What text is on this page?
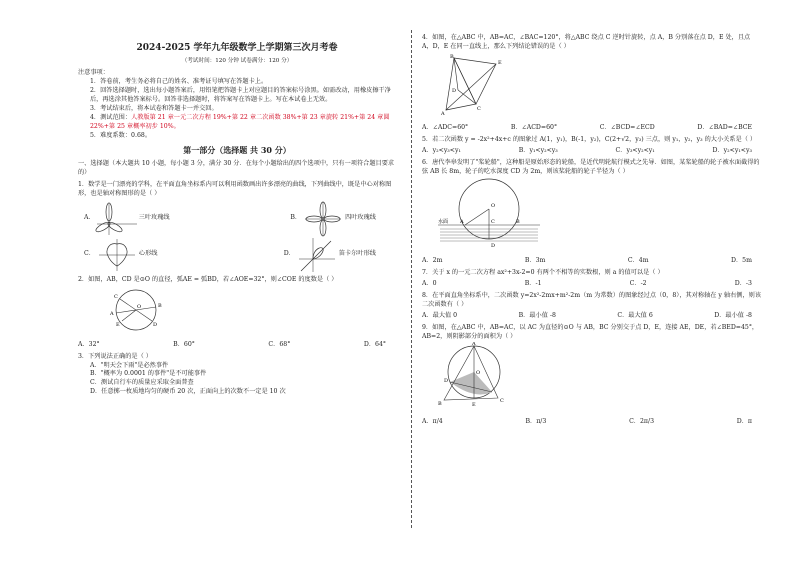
2024-2025 学年九年级数学上学期第三次月考卷
（考试时间：120 分钟 试卷满分：120 分）

注意事项：

1．答卷前，考生务必将自己的姓名、准考证号填写在答题卡上。

2．回答选择题时，选出每小题答案后，用铅笔把答题卡上对应题目的答案标号涂黑。如需改动，用橡皮擦干净后，再选涂其他答案标号。回答非选择题时，将答案写在答题卡上。写在本试卷上无效。

3．考试结束后，将本试卷和答题卡一并交回。

4．测试范围：人教版第 21 章一元二次方程 19%+第 22 章二次函数 38%+第 23 章旋转 21%+第 24 章圆 22%+第 25 章概率初步 10%。

5．难度系数：0.68。

第一部分（选择题 共 30 分）

一、选择题（本大题共 10 小题，每小题 3 分，满分 30 分．在每个小题给出的四个选项中，只有一项符合题目要求的）

1．数学是一门漂亮的学科，在平面直角坐标系内可以利用函数画出许多漂亮的曲线，下列曲线中，既是中心对称图形，也是轴对称图形的是（ ）

A．	三叶玫瑰线	B．	四叶玫瑰线
C．	心形线	D．	笛卡尔叶形线

2．如图，AB，CD 是⊙O 的直径，弧AE = 弧BD，若∠AOE=32°，则∠COE 的度数是（ ）

A
B
C
D
E
O
A．32°	B．60°	C．68°	D．64°

3．下列说法正确的是（ ）

A．"明天会下雨"是必然事件

B．"概率为 0.0001 的事件"是不可能事件

C．测试自行车的质量应采取全面普查

D．任意掷一枚质地均匀的硬币 20 次，正面向上的次数不一定是 10 次

4．如图，在△ABC 中，AB=AC，∠BAC=120°，将△ABC 绕点 C 逆时针旋转，点 A，B 分别落在点 D，E 处，且点 A，D，E 在同一直线上，那么下列结论错误的是（ ）

B
E
D
A
C
A．∠ADC=60°	B．∠ACD=60°	C．∠BCD=∠ECD	D．∠BAD=∠BCE

5．若二次函数 y = -2x²+4x+c 的图象过 A(1，y₁)，B(-1，y₂)，C(2+√2，y₃) 三点，则 y₁，y₂，y₃ 的大小关系是（ ）

A．y₂<y₃<y₁	B．y₁<y₂<y₃	C．y₃<y₂<y₁	D．y₂<y₁<y₃

6．唐代李皋发明了"桨轮船"，这种船是原始形态的轮船，是近代明轮航行模式之先导．如图，某桨轮船的轮子被水面截得的弦 AB 长 8m，轮子的吃水深度 CD 为 2m，则该桨轮船的轮子半径为（ ）

水面 A	B
O
C
D
A．2m	B．3m	C．4m	D．5m

7．关于 x 的一元二次方程 ax²+3x-2=0 有两个不相等的实数根，则 a 的值可以是（ ）

A．0	B．-1	C．-2	D．-3

8．在平面直角坐标系中，二次函数 y=2x²-2mx+m²-2m（m 为常数）的图象经过点（0，8），其对称轴在 y 轴右侧，则该二次函数有（ ）

A．最大值 0	B．最小值 -8	C．最大值 6	D．最小值 -8

9．如图，在△ABC 中，AB=AC，以 AC 为直径的⊙O 与 AB，BC 分别交于点 D，E，连接 AE，DE，若∠BED=45°，AB=2，则阴影部分的面积为（ ）

A
B	C
D
E
O
A．π/4	B．π/3	C．2π/3	D．π
